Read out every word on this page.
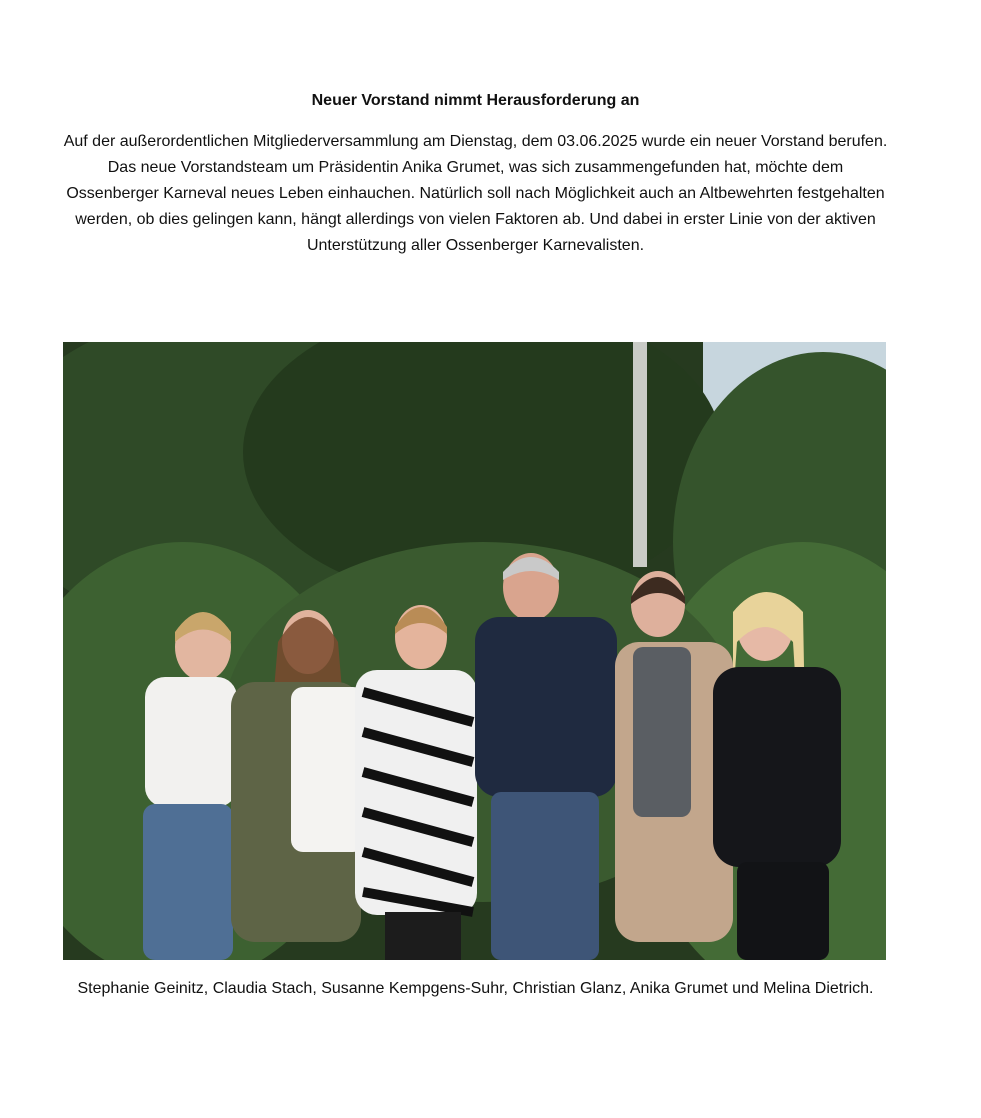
Neuer Vorstand nimmt Herausforderung an
Auf der außerordentlichen Mitgliederversammlung am Dienstag, dem 03.06.2025 wurde ein neuer Vorstand berufen. Das neue Vorstandsteam um Präsidentin Anika Grumet, was sich zusammengefunden hat, möchte dem Ossenberger Karneval neues Leben einhauchen. Natürlich soll nach Möglichkeit auch an Altbewehrten festgehalten werden, ob dies gelingen kann, hängt allerdings von vielen Faktoren ab. Und dabei in erster Linie von der aktiven Unterstützung aller Ossenberger Karnevalisten.
Stephanie Geinitz, Claudia Stach, Susanne Kempgens-Suhr, Christian Glanz, Anika Grumet und Melina Dietrich.
